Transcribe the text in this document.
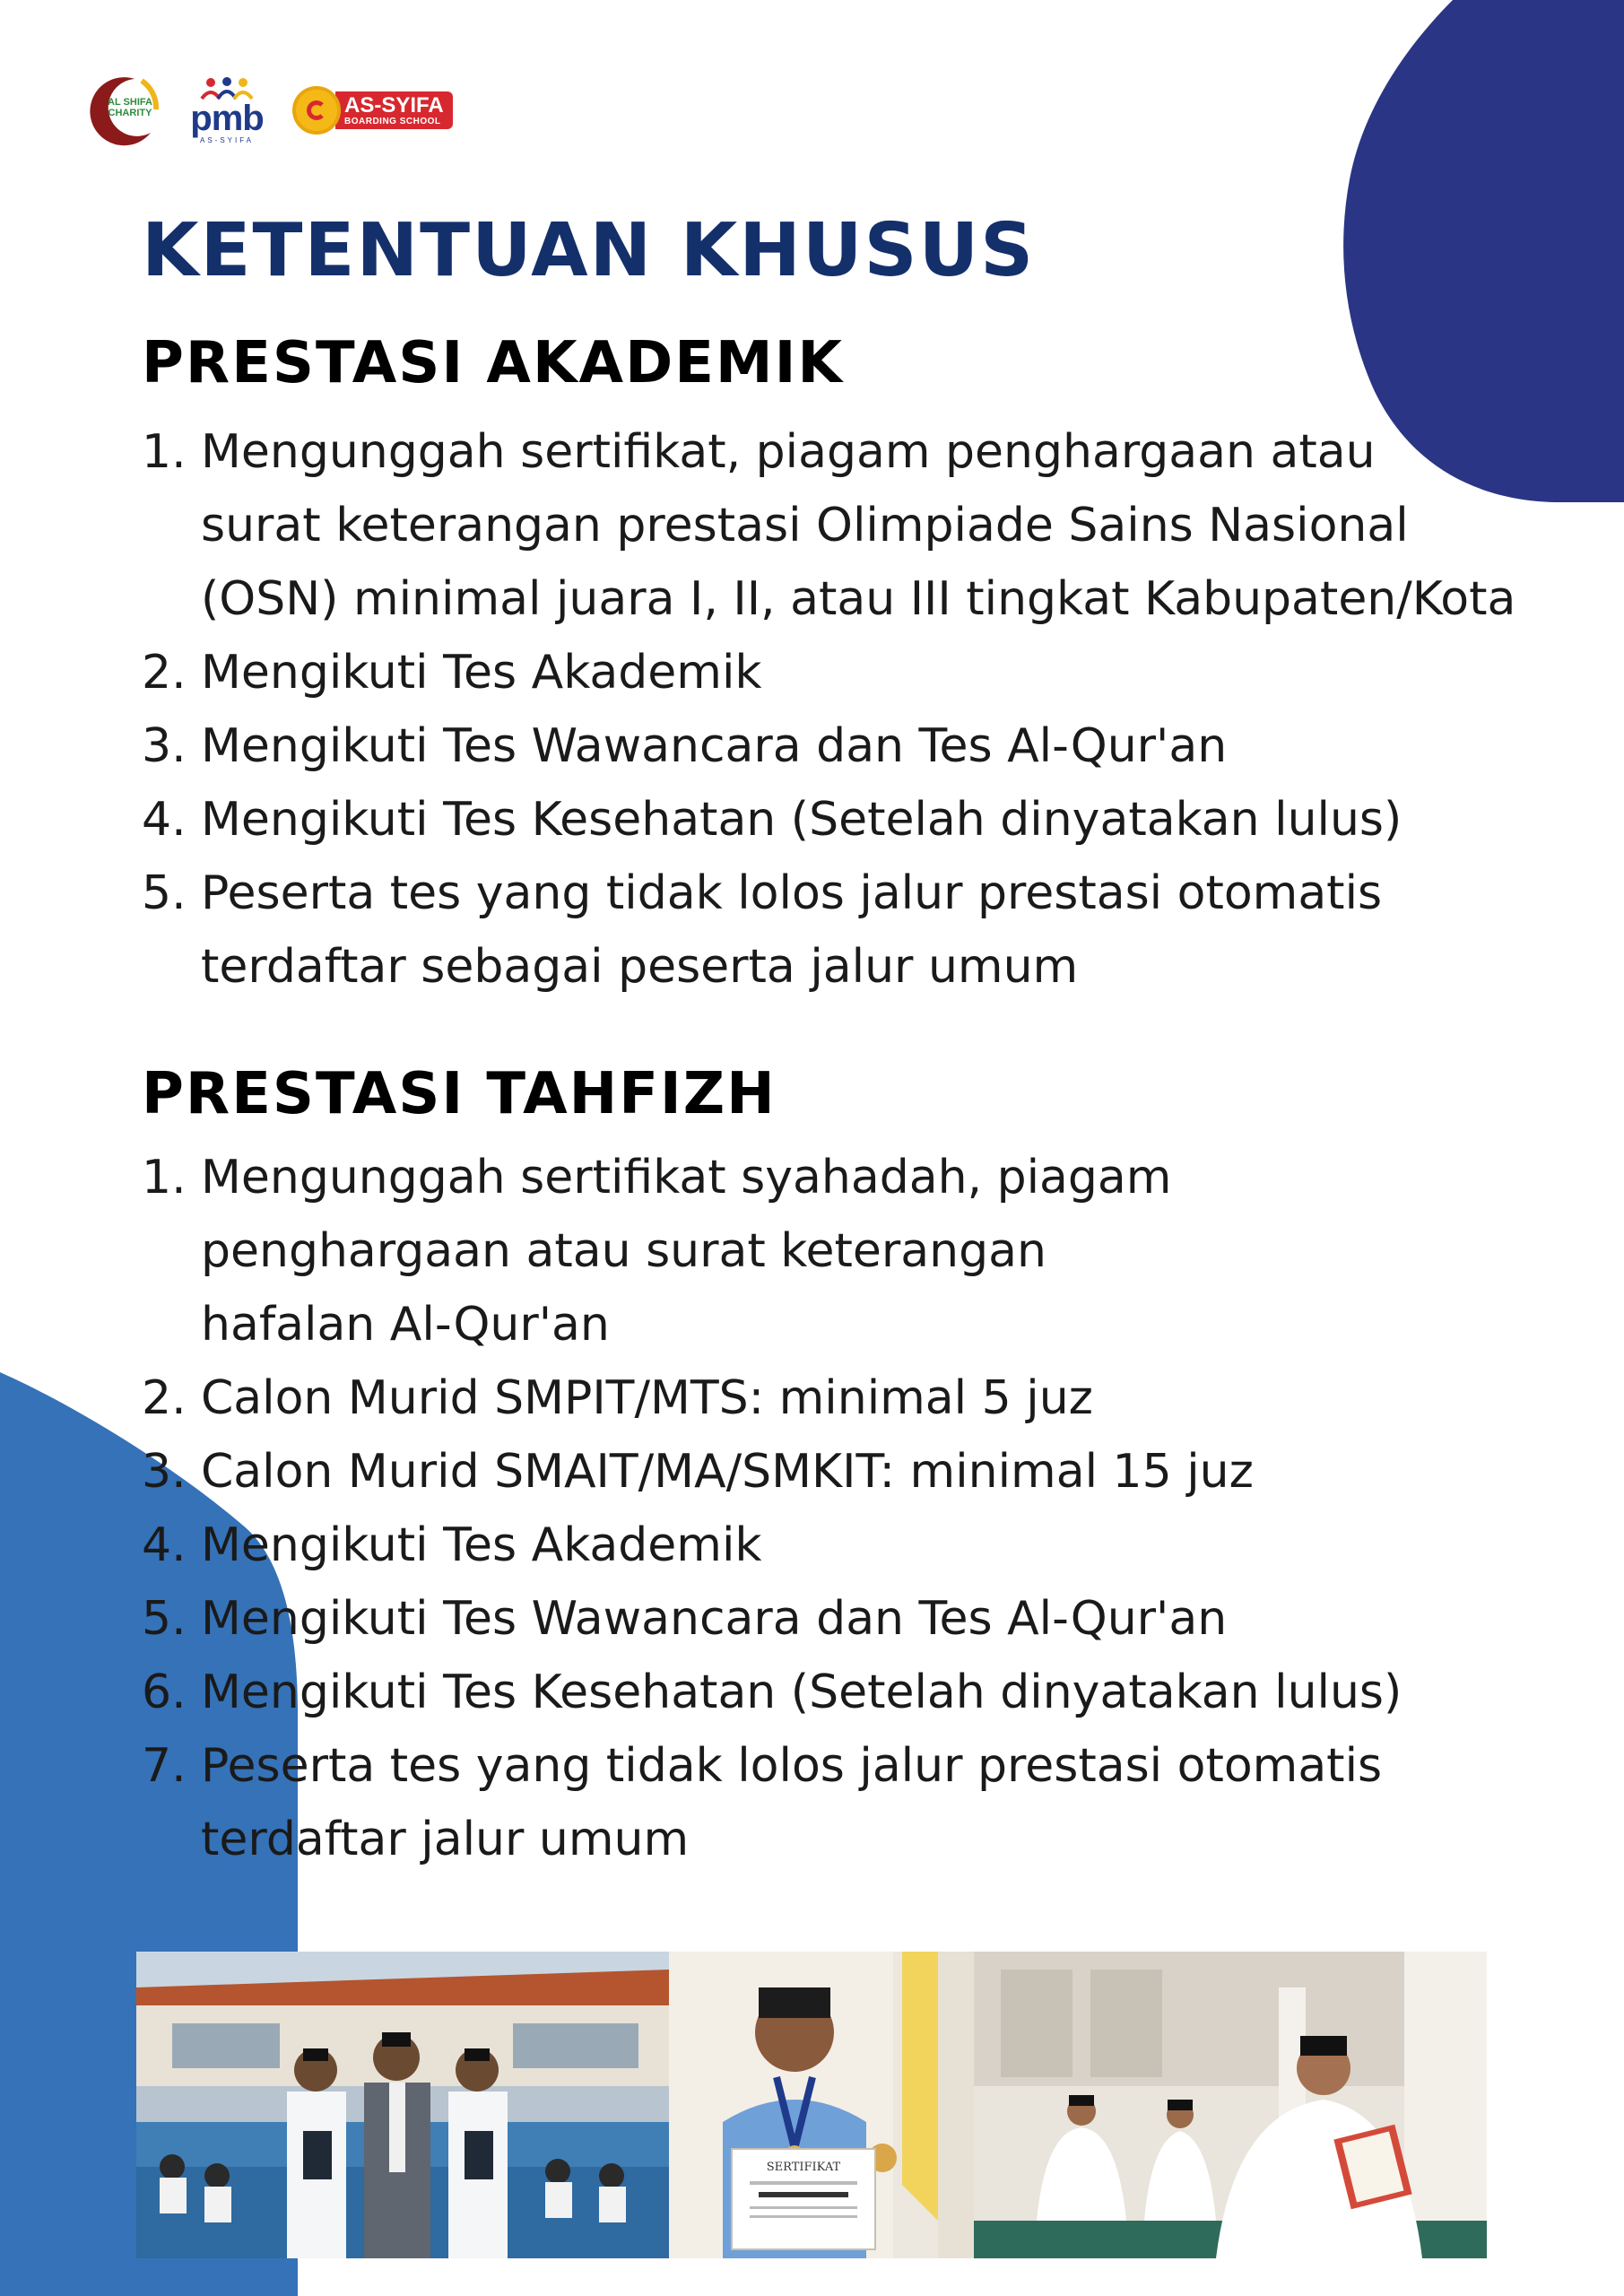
AL SHIFA CHARITY pmb
AS-SYIFA
AS-SYIFA
BOARDING SCHOOL
KETENTUAN KHUSUS
PRESTASI AKADEMIK
1. Mengunggah sertifikat, piagam penghargaan atau
surat keterangan prestasi Olimpiade Sains Nasional
(OSN) minimal juara I, II, atau III tingkat Kabupaten/Kota
2. Mengikuti Tes Akademik
3. Mengikuti Tes Wawancara dan Tes Al-Qur'an
4. Mengikuti Tes Kesehatan (Setelah dinyatakan lulus)
5. Peserta tes yang tidak lolos jalur prestasi otomatis
terdaftar sebagai peserta jalur umum
PRESTASI TAHFIZH
1. Mengunggah sertifikat syahadah, piagam
penghargaan atau surat keterangan
hafalan Al-Qur'an
2. Calon Murid SMPIT/MTS: minimal 5 juz
3. Calon Murid SMAIT/MA/SMKIT: minimal 15 juz
4. Mengikuti Tes Akademik
5. Mengikuti Tes Wawancara dan Tes Al-Qur'an
6. Mengikuti Tes Kesehatan (Setelah dinyatakan lulus)
7. Peserta tes yang tidak lolos jalur prestasi otomatis
terdaftar jalur umum
SERTIFIKAT
